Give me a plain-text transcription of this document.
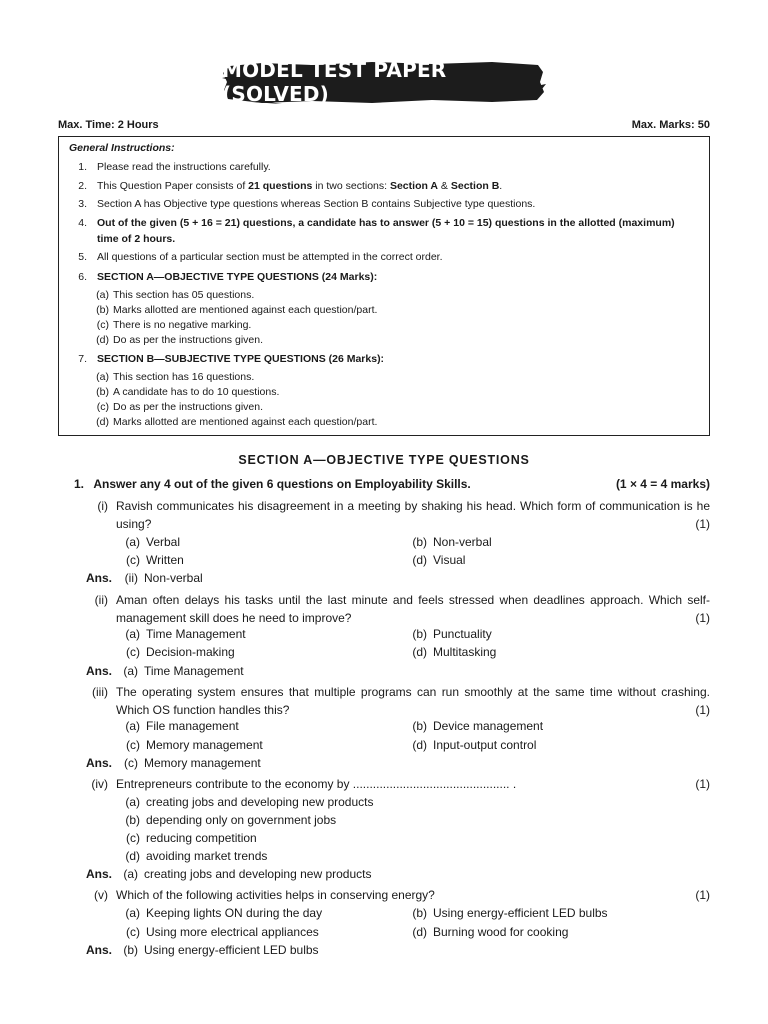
MODEL TEST PAPER (SOLVED)
Max. Time: 2 Hours	Max. Marks: 50
General Instructions:
1. Please read the instructions carefully.
2. This Question Paper consists of 21 questions in two sections: Section A & Section B.
3. Section A has Objective type questions whereas Section B contains Subjective type questions.
4. Out of the given (5 + 16 = 21) questions, a candidate has to answer (5 + 10 = 15) questions in the allotted (maximum) time of 2 hours.
5. All questions of a particular section must be attempted in the correct order.
6. SECTION A—OBJECTIVE TYPE QUESTIONS (24 Marks):
(a) This section has 05 questions.
(b) Marks allotted are mentioned against each question/part.
(c) There is no negative marking.
(d) Do as per the instructions given.
7. SECTION B—SUBJECTIVE TYPE QUESTIONS (26 Marks):
(a) This section has 16 questions.
(b) A candidate has to do 10 questions.
(c) Do as per the instructions given.
(d) Marks allotted are mentioned against each question/part.
SECTION A—OBJECTIVE TYPE QUESTIONS
1. Answer any 4 out of the given 6 questions on Employability Skills.	(1 × 4 = 4 marks)
(i) Ravish communicates his disagreement in a meeting by shaking his head. Which form of communication is he using?	(1)
(a) Verbal	(b) Non-verbal
(c) Written	(d) Visual
Ans. (ii) Non-verbal
(ii) Aman often delays his tasks until the last minute and feels stressed when deadlines approach. Which self-management skill does he need to improve?	(1)
(a) Time Management	(b) Punctuality
(c) Decision-making	(d) Multitasking
Ans. (a) Time Management
(iii) The operating system ensures that multiple programs can run smoothly at the same time without crashing. Which OS function handles this?	(1)
(a) File management	(b) Device management
(c) Memory management	(d) Input-output control
Ans. (c) Memory management
(iv) Entrepreneurs contribute to the economy by ............................................... .	(1)
(a) creating jobs and developing new products
(b) depending only on government jobs
(c) reducing competition
(d) avoiding market trends
Ans. (a) creating jobs and developing new products
(v) Which of the following activities helps in conserving energy?	(1)
(a) Keeping lights ON during the day	(b) Using energy-efficient LED bulbs
(c) Using more electrical appliances	(d) Burning wood for cooking
Ans. (b) Using energy-efficient LED bulbs
